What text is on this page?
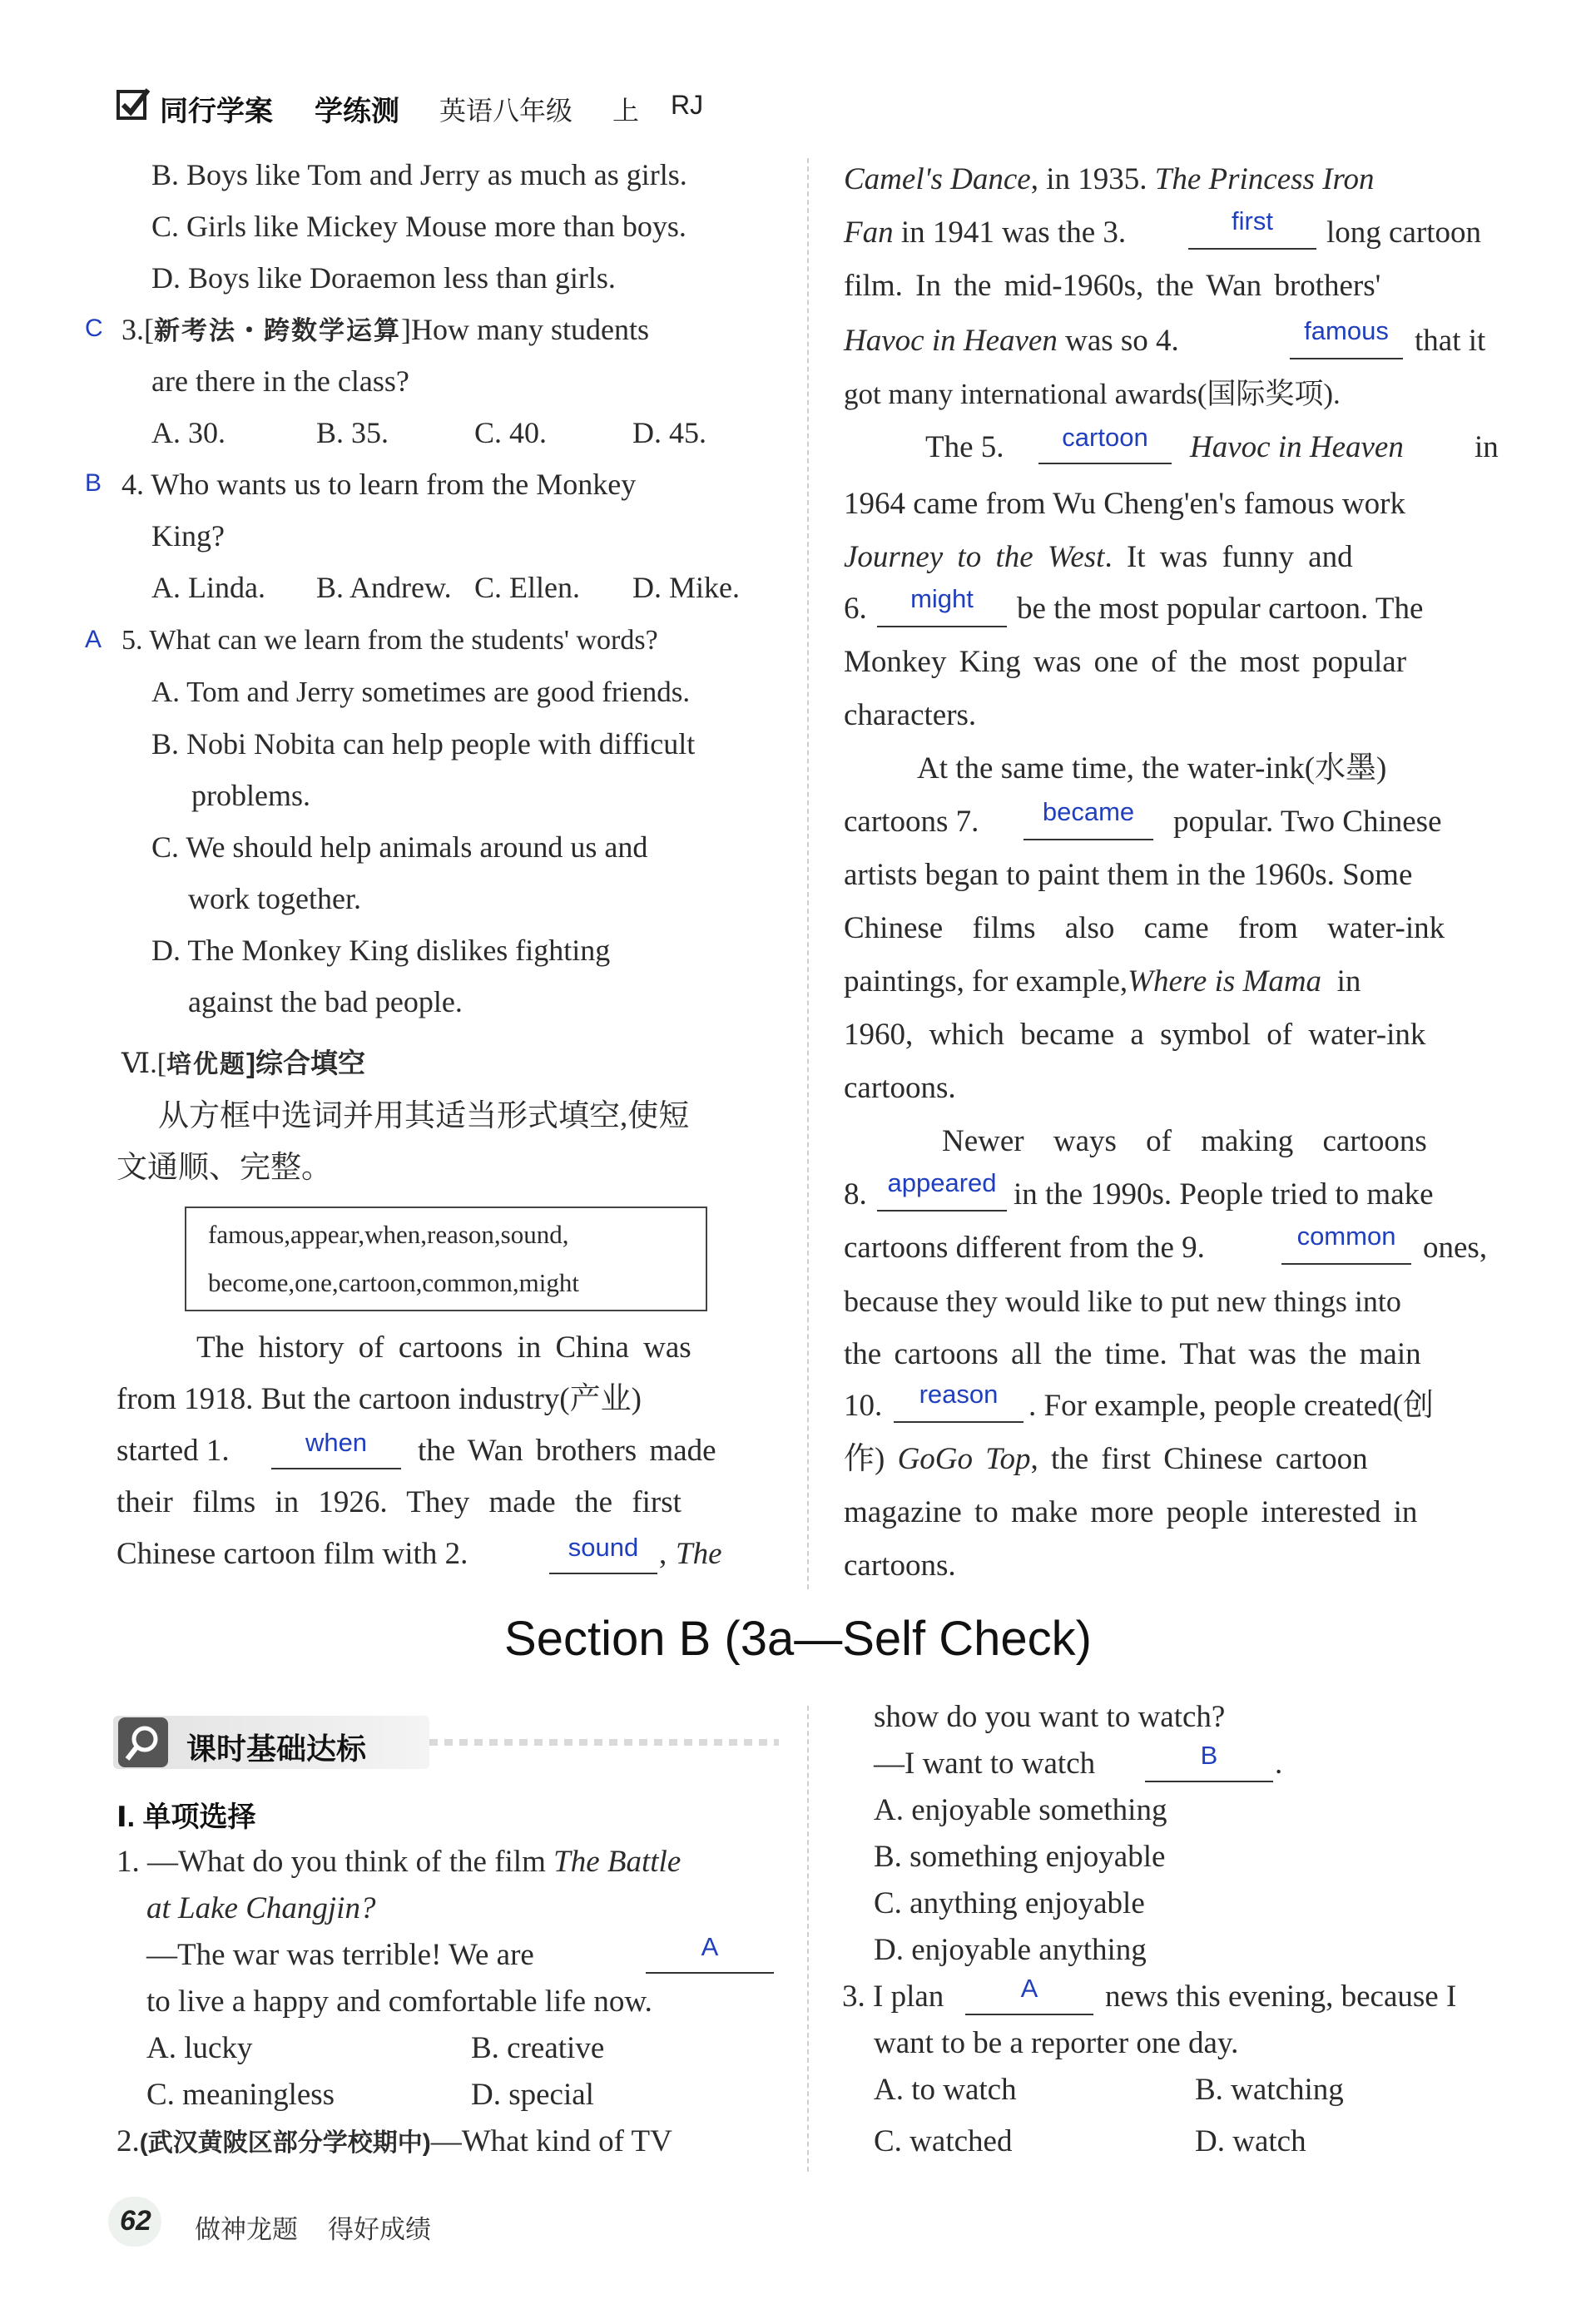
同行学案 学练测 英语八年级 上 RJ
B. Boys like Tom and Jerry as much as girls.
C. Girls like Mickey Mouse more than boys.
D. Boys like Doraemon less than girls.
C 3.[新考法・跨数学运算]How many students
are there in the class?
A. 30.	B. 35.	C. 40.	D. 45.
B 4. Who wants us to learn from the Monkey
King?
A. Linda. B. Andrew. C. Ellen. D. Mike.
A 5. What can we learn from the students' words?
A. Tom and Jerry sometimes are good friends.
B. Nobi Nobita can help people with difficult
problems.
C. We should help animals around us and
work together.
D. The Monkey King dislikes fighting
against the bad people.
Ⅵ.[培优题]综合填空
从方框中选词并用其适当形式填空,使短
文通顺、完整。
famous,appear,when,reason,sound,
become,one,cartoon,common,might
The history of cartoons in China was
from 1918. But the cartoon industry(产业)
started 1.	when	the Wan brothers made
their films in 1926. They made the first
Chinese cartoon film with 2.	sound , The
Camel's Dance, in 1935. The Princess Iron
Fan in 1941 was the 3.	first	long cartoon
film. In the mid-1960s, the Wan brothers'
Havoc in Heaven was so 4.	famous that it
got many international awards(国际奖项).
The 5.	cartoon	Havoc in Heaven in
1964 came from Wu Cheng'en's famous work
Journey to the West. It was funny and
6.	might	be the most popular cartoon. The
Monkey King was one of the most popular
characters.
At the same time, the water-ink(水墨)
cartoons 7.	became	popular. Two Chinese
artists began to paint them in the 1960s. Some
Chinese films also came from water-ink
paintings, for example,Where is Mama in
1960, which became a symbol of water-ink
cartoons.
Newer ways of making cartoons
8. appeared in the 1990s. People tried to make
cartoons different from the 9.	common ones,
because they would like to put new things into
the cartoons all the time. That was the main
10.	reason . For example, people created(创
作) GoGo Top, the first Chinese cartoon
magazine to make more people interested in
cartoons.
Section B (3a—Self Check)
课时基础达标
Ⅰ. 单项选择
1. —What do you think of the film The Battle
at Lake Changjin?
—The war was terrible! We are	A
to live a happy and comfortable life now.
A. lucky	B. creative
C. meaningless	D. special
2.(武汉黄陂区部分学校期中)—What kind of TV
show do you want to watch?
—I want to watch	B	.
A. enjoyable something
B. something enjoyable
C. anything enjoyable
D. enjoyable anything
3. I plan	A	news this evening, because I
want to be a reporter one day.
A. to watch	B. watching
C. watched	D. watch
62 做神龙题 得好成绩
